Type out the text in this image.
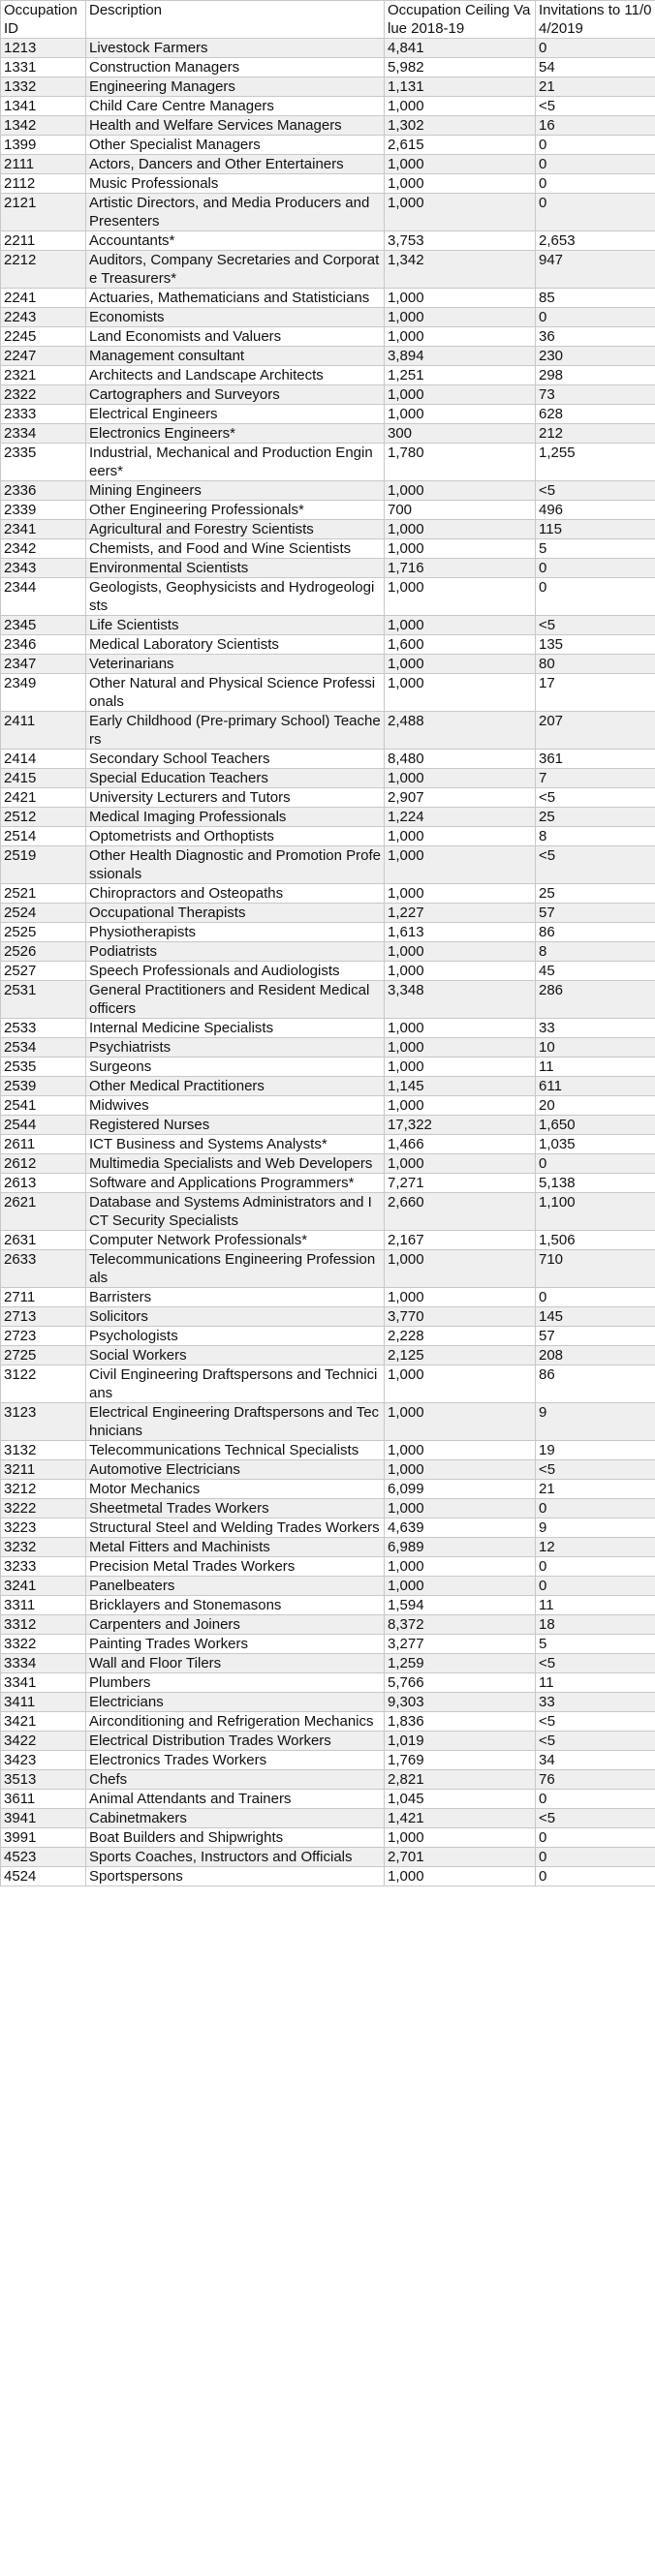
Occupation ID	Description	Occupation Ceiling Value 2018-19	Invitations to 11/04/2019
1213	Livestock Farmers	4,841	0
1331	Construction Managers	5,982	54
1332	Engineering Managers	1,131	21
1341	Child Care Centre Managers	1,000	<5
1342	Health and Welfare Services Managers	1,302	16
1399	Other Specialist Managers	2,615	0
2111	Actors, Dancers and Other Entertainers	1,000	0
2112	Music Professionals	1,000	0
2121	Artistic Directors, and Media Producers and Presenters	1,000	0
2211	Accountants*	3,753	2,653
2212	Auditors, Company Secretaries and Corporate Treasurers*	1,342	947
2241	Actuaries, Mathematicians and Statisticians	1,000	85
2243	Economists	1,000	0
2245	Land Economists and Valuers	1,000	36
2247	Management consultant	3,894	230
2321	Architects and Landscape Architects	1,251	298
2322	Cartographers and Surveyors	1,000	73
2333	Electrical Engineers	1,000	628
2334	Electronics Engineers*	300	212
2335	Industrial, Mechanical and Production Engineers*	1,780	1,255
2336	Mining Engineers	1,000	<5
2339	Other Engineering Professionals*	700	496
2341	Agricultural and Forestry Scientists	1,000	115
2342	Chemists, and Food and Wine Scientists	1,000	5
2343	Environmental Scientists	1,716	0
2344	Geologists, Geophysicists and Hydrogeologists	1,000	0
2345	Life Scientists	1,000	<5
2346	Medical Laboratory Scientists	1,600	135
2347	Veterinarians	1,000	80
2349	Other Natural and Physical Science Professionals	1,000	17
2411	Early Childhood (Pre-primary School) Teachers	2,488	207
2414	Secondary School Teachers	8,480	361
2415	Special Education Teachers	1,000	7
2421	University Lecturers and Tutors	2,907	<5
2512	Medical Imaging Professionals	1,224	25
2514	Optometrists and Orthoptists	1,000	8
2519	Other Health Diagnostic and Promotion Professionals	1,000	<5
2521	Chiropractors and Osteopaths	1,000	25
2524	Occupational Therapists	1,227	57
2525	Physiotherapists	1,613	86
2526	Podiatrists	1,000	8
2527	Speech Professionals and Audiologists	1,000	45
2531	General Practitioners and Resident Medical officers	3,348	286
2533	Internal Medicine Specialists	1,000	33
2534	Psychiatrists	1,000	10
2535	Surgeons	1,000	11
2539	Other Medical Practitioners	1,145	611
2541	Midwives	1,000	20
2544	Registered Nurses	17,322	1,650
2611	ICT Business and Systems Analysts*	1,466	1,035
2612	Multimedia Specialists and Web Developers	1,000	0
2613	Software and Applications Programmers*	7,271	5,138
2621	Database and Systems Administrators and ICT Security Specialists	2,660	1,100
2631	Computer Network Professionals*	2,167	1,506
2633	Telecommunications Engineering Professionals	1,000	710
2711	Barristers	1,000	0
2713	Solicitors	3,770	145
2723	Psychologists	2,228	57
2725	Social Workers	2,125	208
3122	Civil Engineering Draftspersons and Technicians	1,000	86
3123	Electrical Engineering Draftspersons and Technicians	1,000	9
3132	Telecommunications Technical Specialists	1,000	19
3211	Automotive Electricians	1,000	<5
3212	Motor Mechanics	6,099	21
3222	Sheetmetal Trades Workers	1,000	0
3223	Structural Steel and Welding Trades Workers	4,639	9
3232	Metal Fitters and Machinists	6,989	12
3233	Precision Metal Trades Workers	1,000	0
3241	Panelbeaters	1,000	0
3311	Bricklayers and Stonemasons	1,594	11
3312	Carpenters and Joiners	8,372	18
3322	Painting Trades Workers	3,277	5
3334	Wall and Floor Tilers	1,259	<5
3341	Plumbers	5,766	11
3411	Electricians	9,303	33
3421	Airconditioning and Refrigeration Mechanics	1,836	<5
3422	Electrical Distribution Trades Workers	1,019	<5
3423	Electronics Trades Workers	1,769	34
3513	Chefs	2,821	76
3611	Animal Attendants and Trainers	1,045	0
3941	Cabinetmakers	1,421	<5
3991	Boat Builders and Shipwrights	1,000	0
4523	Sports Coaches, Instructors and Officials	2,701	0
4524	Sportspersons	1,000	0
